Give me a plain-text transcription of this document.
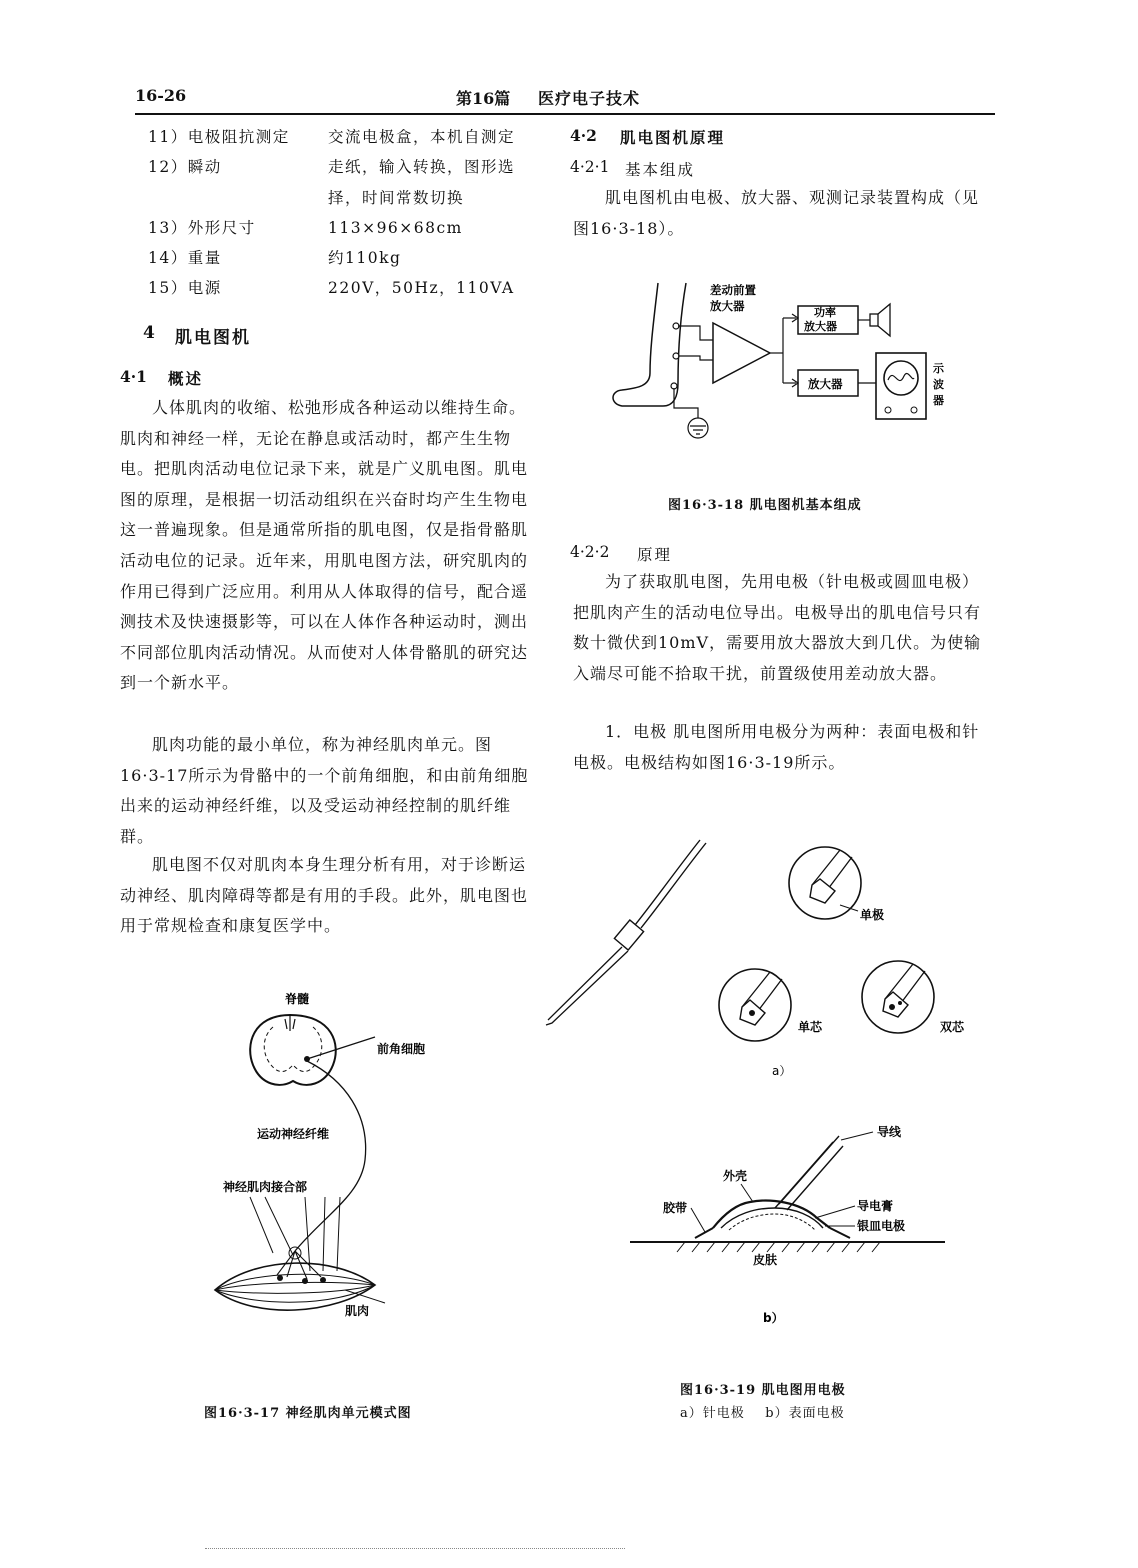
16-26	第16篇 医疗电子技术
11）电极阻抗测定	交流电极盒，本机自测定
12）瞬动	走纸，输入转换，图形选择，时间常数切换
13）外形尺寸	113×96×68cm
14）重量	约110kg
15）电源	220V，50Hz，110VA
4 肌电图机
4·1 概述
人体肌肉的收缩、松弛形成各种运动以维持生命。肌肉和神经一样，无论在静息或活动时，都产生生物电。把肌肉活动电位记录下来，就是广义肌电图。肌电图的原理，是根据一切活动组织在兴奋时均产生生物电这一普遍现象。但是通常所指的肌电图，仅是指骨骼肌活动电位的记录。近年来，用肌电图方法，研究肌肉的作用已得到广泛应用。利用从人体取得的信号，配合遥测技术及快速摄影等，可以在人体作各种运动时，测出不同部位肌肉活动情况。从而使对人体骨骼肌的研究达到一个新水平。
肌肉功能的最小单位，称为神经肌肉单元。图16·3-17所示为骨骼中的一个前角细胞，和由前角细胞出来的运动神经纤维，以及受运动神经控制的肌纤维群。
肌电图不仅对肌肉本身生理分析有用，对于诊断运动神经、肌肉障碍等都是有用的手段。此外，肌电图也用于常规检查和康复医学中。
脊髓
前角细胞
运动神经纤维
神经肌肉接合部
肌肉
图16·3-17 神经肌肉单元模式图
4·2 肌电图机原理
4·2·1 基本组成
肌电图机由电极、放大器、观测记录装置构成（见图16·3-18）。
差动前置
放大器	功率
放大器
放大器
示
波
器
图16·3-18 肌电图机基本组成
4·2·2 原理
为了获取肌电图，先用电极（针电极或圆皿电极）把肌肉产生的活动电位导出。电极导出的肌电信号只有数十微伏到10mV，需要用放大器放大到几伏。为使输入端尽可能不拾取干扰，前置级使用差动放大器。
1．电极 肌电图所用电极分为两种：表面电极和针电极。电极结构如图16·3-19所示。
单极
单芯	双芯
a）
导线
外壳
胶带	导电膏
银皿电极
皮肤
b）
图16·3-19 肌电图用电极
a）针电极    b）表面电极
